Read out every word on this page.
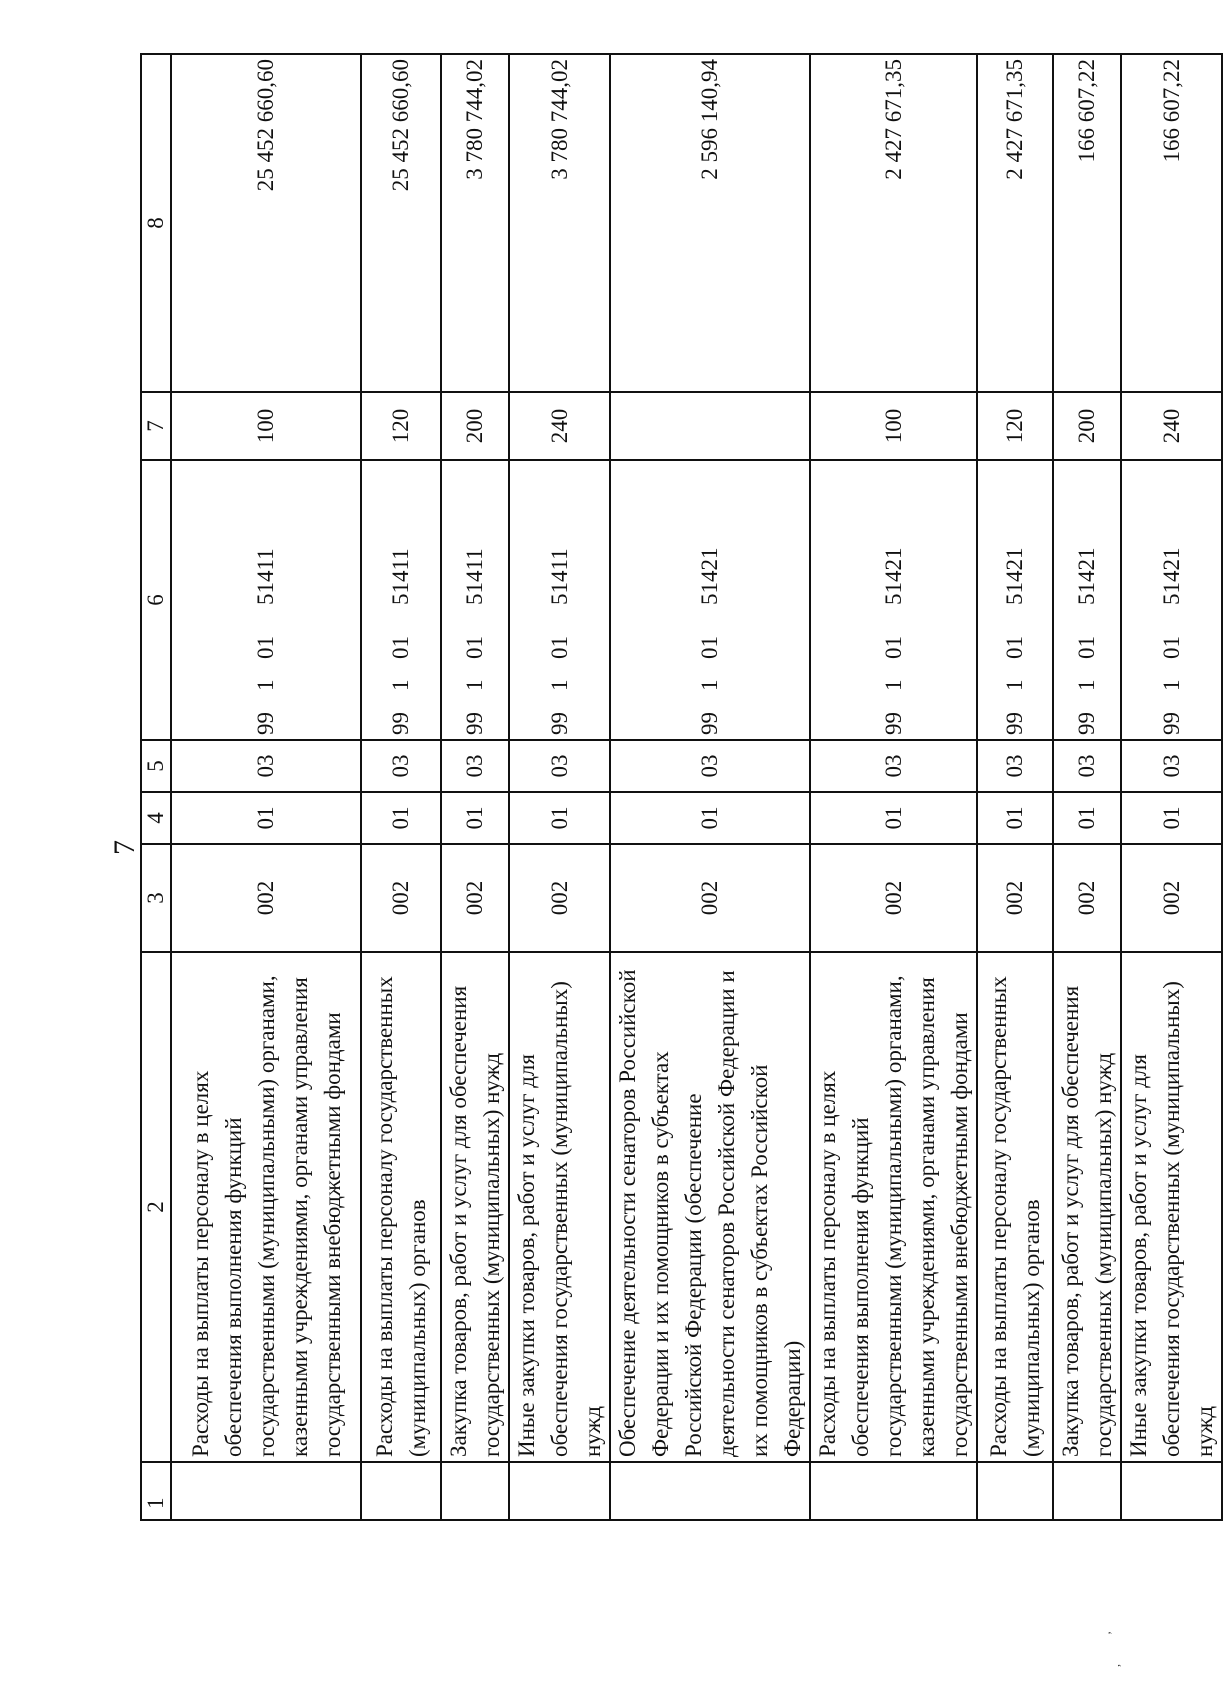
7
1	2	3	4	5	6	7	8
	Расходы на выплаты персоналу в целях обеспечения выполнения функций государственными (муниципальными) органами, казенными учреждениями, органами управления государственными внебюджетными фондами	002	01	03	9910151411	100	25 452 660,60
	Расходы на выплаты персоналу государственных (муниципальных) органов	002	01	03	9910151411	120	25 452 660,60
	Закупка товаров, работ и услуг для обеспечения государственных (муниципальных) нужд	002	01	03	9910151411	200	3 780 744,02
	Иные закупки товаров, работ и услуг для обеспечения государственных (муниципальных) нужд	002	01	03	9910151411	240	3 780 744,02
	Обеспечение деятельности сенаторов Российской Федерации и их помощников в субъектах Российской Федерации (обеспечение деятельности сенаторов Российской Федерации и их помощников в субъектах Российской Федерации)	002	01	03	9910151421		2 596 140,94
	Расходы на выплаты персоналу в целях обеспечения выполнения функций государственными (муниципальными) органами, казенными учреждениями, органами управления государственными внебюджетными фондами	002	01	03	9910151421	100	2 427 671,35
	Расходы на выплаты персоналу государственных (муниципальных) органов	002	01	03	9910151421	120	2 427 671,35
	Закупка товаров, работ и услуг для обеспечения государственных (муниципальных) нужд	002	01	03	9910151421	200	166 607,22
	Иные закупки товаров, работ и услуг для обеспечения государственных (муниципальных) нужд	002	01	03	9910151421	240	166 607,22
’
,
